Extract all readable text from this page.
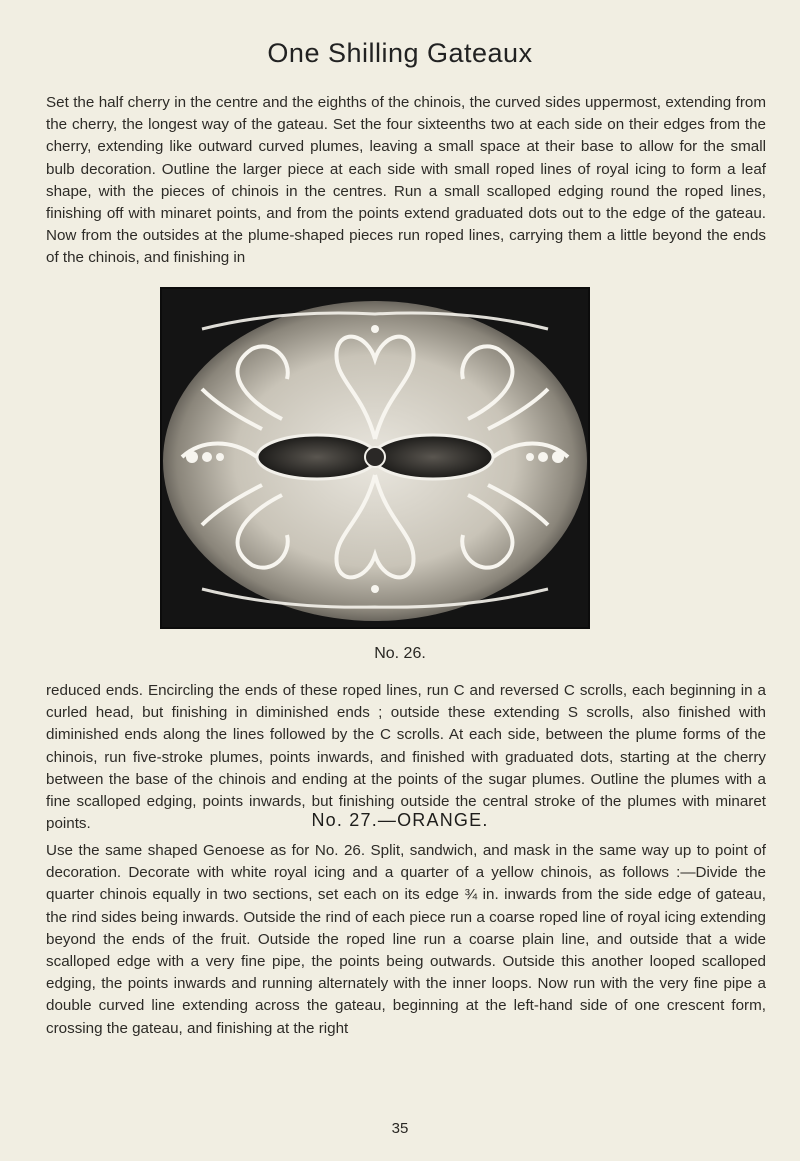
One Shilling Gateaux
Set the half cherry in the centre and the eighths of the chinois, the curved sides uppermost, extending from the cherry, the longest way of the gateau. Set the four sixteenths two at each side on their edges from the cherry, extending like outward curved plumes, leaving a small space at their base to allow for the small bulb decoration. Outline the larger piece at each side with small roped lines of royal icing to form a leaf shape, with the pieces of chinois in the centres. Run a small scalloped edging round the roped lines, finishing off with minaret points, and from the points extend graduated dots out to the edge of the gateau. Now from the outsides at the plume-shaped pieces run roped lines, carrying them a little beyond the ends of the chinois, and finishing in
No. 26.
reduced ends. Encircling the ends of these roped lines, run C and reversed C scrolls, each beginning in a curled head, but finishing in diminished ends ; outside these extending S scrolls, also finished with diminished ends along the lines followed by the C scrolls. At each side, between the plume forms of the chinois, run five-stroke plumes, points inwards, and finished with graduated dots, starting at the cherry between the base of the chinois and ending at the points of the sugar plumes. Outline the plumes with a fine scalloped edging, points inwards, but finishing outside the central stroke of the plumes with minaret points.	No. 27.—ORANGE.
Use the same shaped Genoese as for No. 26. Split, sandwich, and mask in the same way up to point of decoration. Decorate with white royal icing and a quarter of a yellow chinois, as follows :—Divide the quarter chinois equally in two sections, set each on its edge ¾ in. inwards from the side edge of gateau, the rind sides being inwards. Outside the rind of each piece run a coarse roped line of royal icing extending beyond the ends of the fruit. Outside the roped line run a coarse plain line, and outside that a wide scalloped edge with a very fine pipe, the points being outwards. Outside this another looped scalloped edging, the points inwards and running alternately with the inner loops. Now run with the very fine pipe a double curved line extending across the gateau, beginning at the left-hand side of one crescent form, crossing the gateau, and finishing at the right
35
